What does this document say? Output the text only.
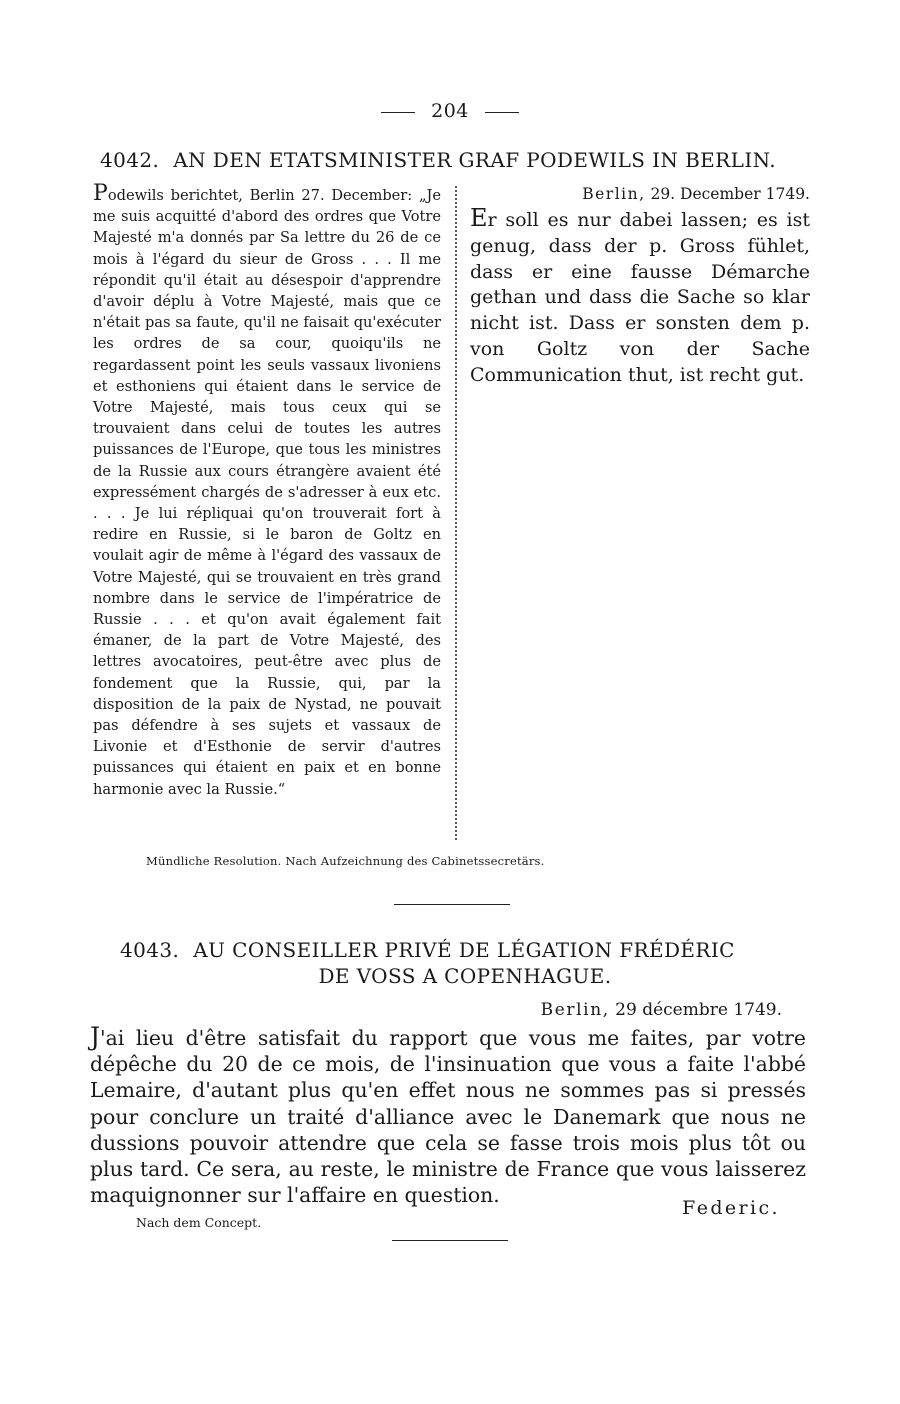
204
4042. AN DEN ETATSMINISTER GRAF PODEWILS IN BERLIN.

Podewils berichtet, Berlin 27. December: „Je me suis acquitté d'abord des ordres que Votre Majesté m'a donnés par Sa lettre du 26 de ce mois à l'égard du sieur de Gross . . . Il me répondit qu'il était au désespoir d'apprendre d'avoir déplu à Votre Majesté, mais que ce n'était pas sa faute, qu'il ne faisait qu'exécuter les ordres de sa cour, quoiqu'ils ne regardassent point les seuls vassaux livoniens et esthoniens qui étaient dans le service de Votre Majesté, mais tous ceux qui se trouvaient dans celui de toutes les autres puissances de l'Europe, que tous les ministres de la Russie aux cours étrangère avaient été expressément chargés de s'adresser à eux etc. . . . Je lui répliquai qu'on trouverait fort à redire en Russie, si le baron de Goltz en voulait agir de même à l'égard des vassaux de Votre Majesté, qui se trouvaient en très grand nombre dans le service de l'impératrice de Russie . . . et qu'on avait également fait émaner, de la part de Votre Majesté, des lettres avocatoires, peut-être avec plus de fondement que la Russie, qui, par la disposition de la paix de Nystad, ne pouvait pas défendre à ses sujets et vassaux de Livonie et d'Esthonie de servir d'autres puissances qui étaient en paix et en bonne harmonie avec la Russie.“

Berlin, 29. December 1749.

Er soll es nur dabei lassen; es ist genug, dass der p. Gross fühlet, dass er eine fausse Démarche gethan und dass die Sache so klar nicht ist. Dass er sonsten dem p. von Goltz von der Sache Communication thut, ist recht gut.

Mündliche Resolution. Nach Aufzeichnung des Cabinetssecretärs.
4043. AU CONSEILLER PRIVÉ DE LÉGATION FRÉDÉRIC
DE VOSS A COPENHAGUE.
Berlin, 29 décembre 1749.

J'ai lieu d'être satisfait du rapport que vous me faites, par votre dépêche du 20 de ce mois, de l'insinuation que vous a faite l'abbé Lemaire, d'autant plus qu'en effet nous ne sommes pas si pressés pour conclure un traité d'alliance avec le Danemark que nous ne dussions pouvoir attendre que cela se fasse trois mois plus tôt ou plus tard. Ce sera, au reste, le ministre de France que vous laisserez maquignonner sur l'affaire en question.

Federic.
Nach dem Concept.
